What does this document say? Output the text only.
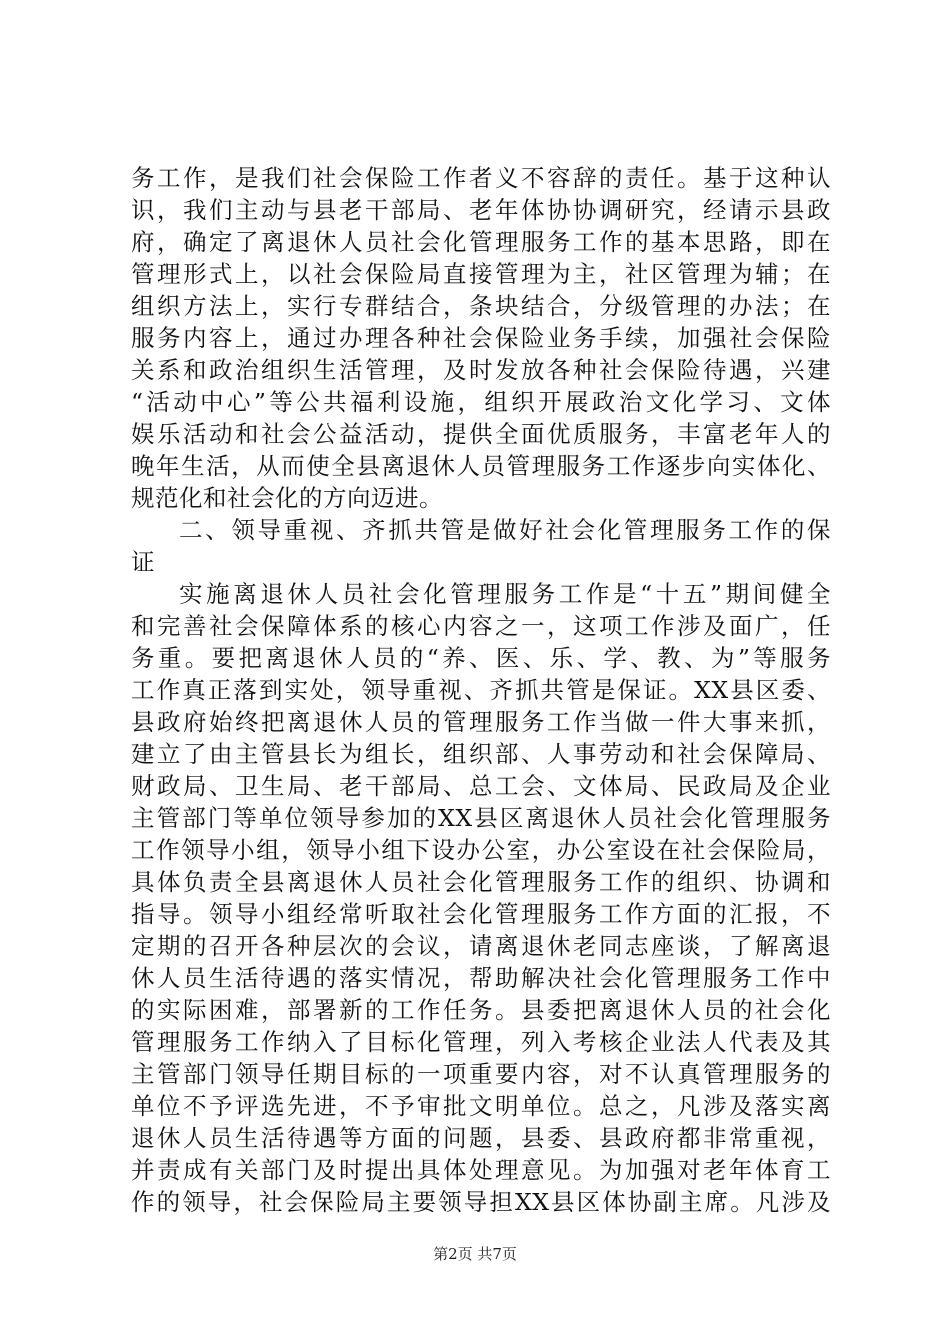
务工作，是我们社会保险工作者义不容辞的责任。基于这种认
识，我们主动与县老干部局、老年体协协调研究，经请示县政
府，确定了离退休人员社会化管理服务工作的基本思路，即在
管理形式上，以社会保险局直接管理为主，社区管理为辅；在
组织方法上，实行专群结合，条块结合，分级管理的办法；在
服务内容上，通过办理各种社会保险业务手续，加强社会保险
关系和政治组织生活管理，及时发放各种社会保险待遇，兴建
“活动中心”等公共福利设施，组织开展政治文化学习、文体
娱乐活动和社会公益活动，提供全面优质服务，丰富老年人的
晚年生活，从而使全县离退休人员管理服务工作逐步向实体化、
规范化和社会化的方向迈进。
二、领导重视、齐抓共管是做好社会化管理服务工作的保
证
实施离退休人员社会化管理服务工作是“十五”期间健全
和完善社会保障体系的核心内容之一，这项工作涉及面广，任
务重。要把离退休人员的“养、医、乐、学、教、为”等服务
工作真正落到实处，领导重视、齐抓共管是保证。XX县区委、
县政府始终把离退休人员的管理服务工作当做一件大事来抓，
建立了由主管县长为组长，组织部、人事劳动和社会保障局、
财政局、卫生局、老干部局、总工会、文体局、民政局及企业
主管部门等单位领导参加的XX县区离退休人员社会化管理服务
工作领导小组，领导小组下设办公室，办公室设在社会保险局，
具体负责全县离退休人员社会化管理服务工作的组织、协调和
指导。领导小组经常听取社会化管理服务工作方面的汇报，不
定期的召开各种层次的会议，请离退休老同志座谈，了解离退
休人员生活待遇的落实情况，帮助解决社会化管理服务工作中
的实际困难，部署新的工作任务。县委把离退休人员的社会化
管理服务工作纳入了目标化管理，列入考核企业法人代表及其
主管部门领导任期目标的一项重要内容，对不认真管理服务的
单位不予评选先进，不予审批文明单位。总之，凡涉及落实离
退休人员生活待遇等方面的问题，县委、县政府都非常重视，
并责成有关部门及时提出具体处理意见。为加强对老年体育工
作的领导，社会保险局主要领导担XX县区体协副主席。凡涉及
第2页 共7页
